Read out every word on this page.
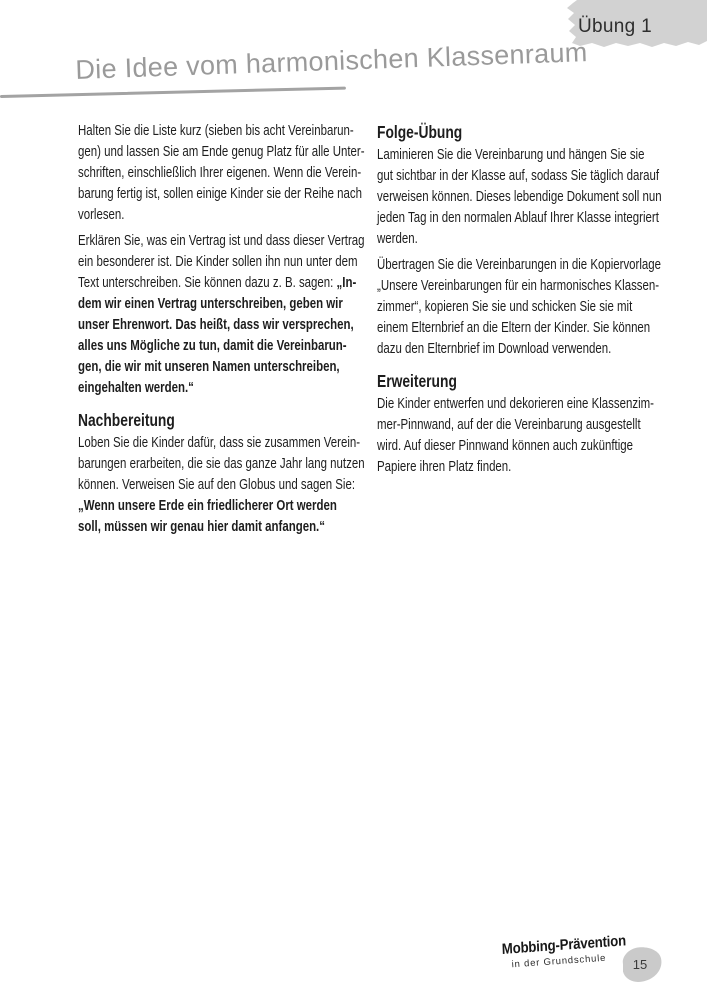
Übung 1
Die Idee vom harmonischen Klassenraum
Halten Sie die Liste kurz (sieben bis acht Vereinbarun-
gen) und lassen Sie am Ende genug Platz für alle Unter-
schriften, einschließlich Ihrer eigenen. Wenn die Verein-
barung fertig ist, sollen einige Kinder sie der Reihe nach
vorlesen.
Erklären Sie, was ein Vertrag ist und dass dieser Vertrag
ein besonderer ist. Die Kinder sollen ihn nun unter dem
Text unterschreiben. Sie können dazu z. B. sagen: „In-
dem wir einen Vertrag unterschreiben, geben wir
unser Ehrenwort. Das heißt, dass wir versprechen,
alles uns Mögliche zu tun, damit die Vereinbarun-
gen, die wir mit unseren Namen unterschreiben,
eingehalten werden.“
Nachbereitung
Loben Sie die Kinder dafür, dass sie zusammen Verein-
barungen erarbeiten, die sie das ganze Jahr lang nutzen
können. Verweisen Sie auf den Globus und sagen Sie:
„Wenn unsere Erde ein friedlicherer Ort werden
soll, müssen wir genau hier damit anfangen.“
Folge-Übung
Laminieren Sie die Vereinbarung und hängen Sie sie
gut sichtbar in der Klasse auf, sodass Sie täglich darauf
verweisen können. Dieses lebendige Dokument soll nun
jeden Tag in den normalen Ablauf Ihrer Klasse integriert
werden.
Übertragen Sie die Vereinbarungen in die Kopiervorlage
„Unsere Vereinbarungen für ein harmonisches Klassen-
zimmer“, kopieren Sie sie und schicken Sie sie mit
einem Elternbrief an die Eltern der Kinder. Sie können
dazu den Elternbrief im Download verwenden.
Erweiterung
Die Kinder entwerfen und dekorieren eine Klassenzim-
mer-Pinnwand, auf der die Vereinbarung ausgestellt
wird. Auf dieser Pinnwand können auch zukünftige
Papiere ihren Platz finden.
Mobbing-Prävention
in der Grundschule	15
